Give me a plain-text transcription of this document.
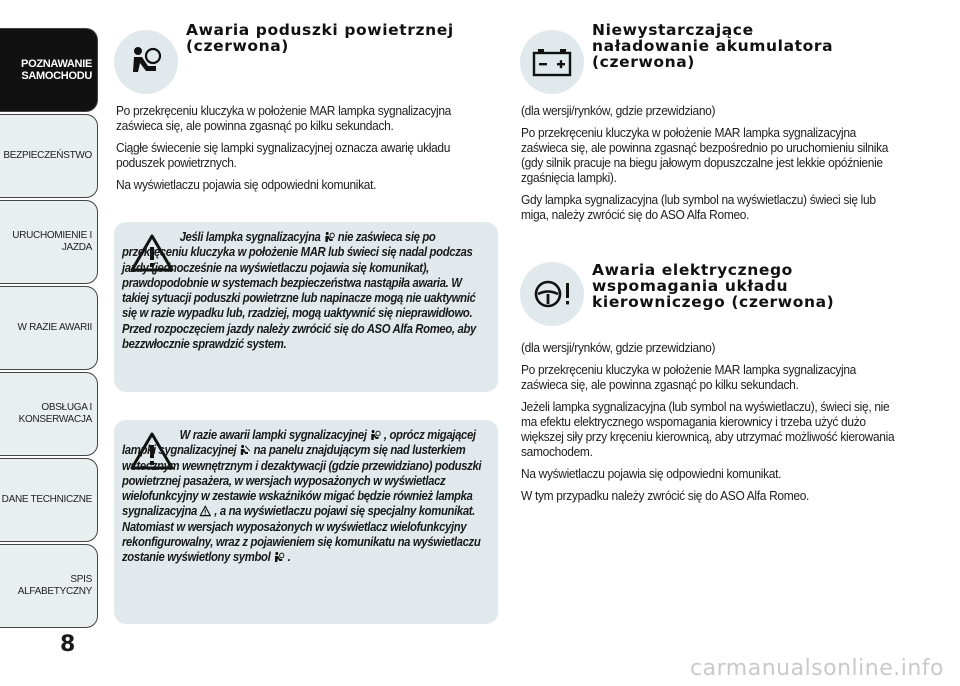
POZNAWANIE
SAMOCHODU
BEZPIECZEŃSTWO
URUCHOMIENIE I
JAZDA
W RAZIE AWARII
OBSŁUGA I
KONSERWACJA
DANE TECHNICZNE
SPIS ALFABETYCZNY
8
Awaria poduszki powietrznej
(czerwona)

Po przekręceniu kluczyka w położenie MAR lampka sygnalizacyjna zaświeca się, ale powinna zgasnąć po kilku sekundach.

Ciągłe świecenie się lampki sygnalizacyjnej oznacza awarię układu poduszek powietrznych.

Na wyświetlaczu pojawia się odpowiedni komunikat.

Jeśli lampka sygnalizacyjna nie zaświeca się po przekręceniu kluczyka w położenie MAR lub świeci się nadal podczas jazdy (jednocześnie na wyświetlaczu pojawia się komunikat), prawdopodobnie w systemach bezpieczeństwa nastąpiła awaria. W takiej sytuacji poduszki powietrzne lub napinacze mogą nie uaktywnić się w razie wypadku lub, rzadziej, mogą uaktywnić się nieprawidłowo. Przed rozpoczęciem jazdy należy zwrócić się do ASO Alfa Romeo, aby bezzwłocznie sprawdzić system.
W razie awarii lampki sygnalizacyjnej , oprócz migającej lampki sygnalizacyjnej na panelu znajdującym się nad lusterkiem wstecznym wewnętrznym i dezaktywacji (gdzie przewidziano) poduszki powietrznej pasażera, w wersjach wyposażonych w wyświetlacz wielofunkcyjny w zestawie wskaźników migać będzie również lampka sygnalizacyjna , a na wyświetlaczu pojawi się specjalny komunikat. Natomiast w wersjach wyposażonych w wyświetlacz wielofunkcyjny rekonfigurowalny, wraz z pojawieniem się komunikatu na wyświetlaczu zostanie wyświetlony symbol .
Niewystarczające
naładowanie akumulatora
(czerwona)

(dla wersji/rynków, gdzie przewidziano)

Po przekręceniu kluczyka w położenie MAR lampka sygnalizacyjna zaświeca się, ale powinna zgasnąć bezpośrednio po uruchomieniu silnika (gdy silnik pracuje na biegu jałowym dopuszczalne jest lekkie opóźnienie zgaśnięcia lampki).

Gdy lampka sygnalizacyjna (lub symbol na wyświetlaczu) świeci się lub miga, należy zwrócić się do ASO Alfa Romeo.

Awaria elektrycznego
wspomagania układu
kierowniczego (czerwona)

(dla wersji/rynków, gdzie przewidziano)

Po przekręceniu kluczyka w położenie MAR lampka sygnalizacyjna zaświeca się, ale powinna zgasnąć po kilku sekundach.

Jeżeli lampka sygnalizacyjna (lub symbol na wyświetlaczu), świeci się, nie ma efektu elektrycznego wspomagania kierownicy i trzeba użyć dużo większej siły przy kręceniu kierownicą, aby utrzymać możliwość kierowania samochodem.

Na wyświetlaczu pojawia się odpowiedni komunikat.

W tym przypadku należy zwrócić się do ASO Alfa Romeo.

carmanualsonline.info
